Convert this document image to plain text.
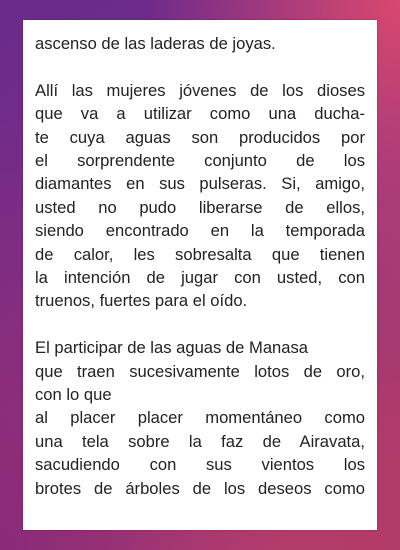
ascenso de las laderas de joyas.

Allí las mujeres jóvenes de los dioses
que va a utilizar como una ducha-
te cuya aguas son producidos por
el sorprendente conjunto de los
diamantes en sus pulseras. Si, amigo,
usted no pudo liberarse de ellos,
siendo encontrado en la temporada
de calor, les sobresalta que tienen
la intención de jugar con usted, con
truenos, fuertes para el oído.

El participar de las aguas de Manasa
que traen sucesivamente lotos de oro,
con lo que
al placer placer momentáneo como
una tela sobre la faz de Airavata,
sacudiendo con sus vientos los
brotes de árboles de los deseos como
